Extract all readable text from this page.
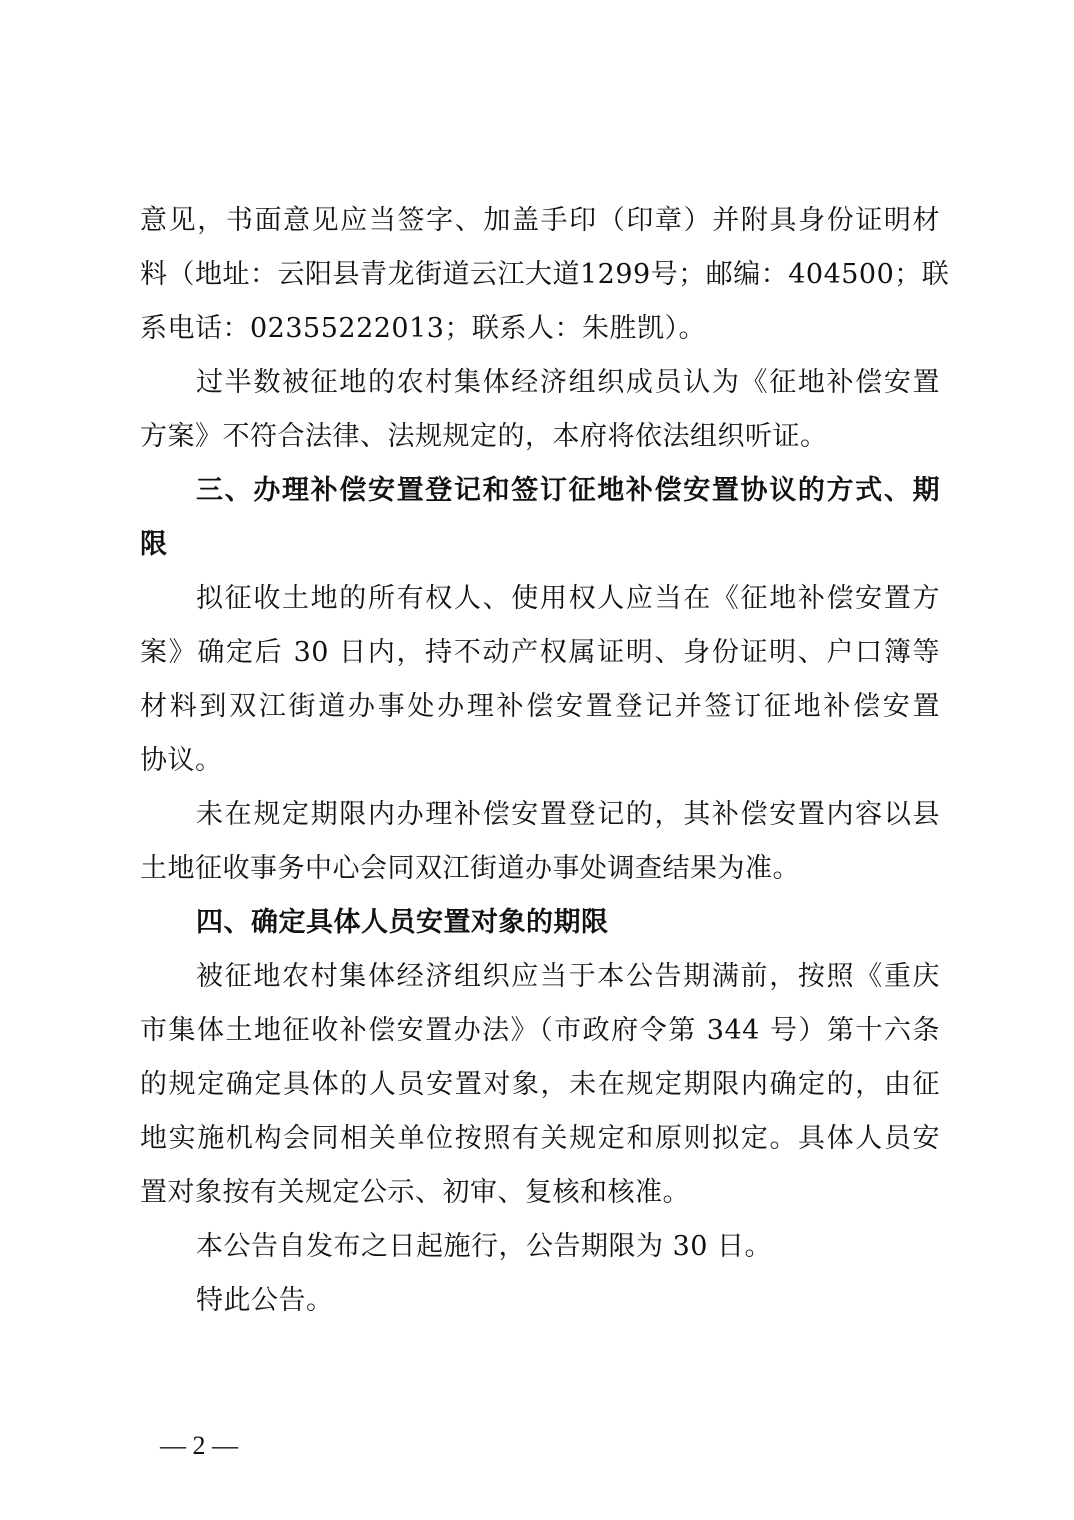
意见，书面意见应当签字、加盖手印（印章）并附具身份证明材
料（地址：云阳县青龙街道云江大道1299号；邮编：404500；联
系电话：02355222013；联系人：朱胜凯）。
过半数被征地的农村集体经济组织成员认为《征地补偿安置
方案》不符合法律、法规规定的，本府将依法组织听证。
三、办理补偿安置登记和签订征地补偿安置协议的方式、期
限
拟征收土地的所有权人、使用权人应当在《征地补偿安置方
案》确定后 30 日内，持不动产权属证明、身份证明、户口簿等
材料到双江街道办事处办理补偿安置登记并签订征地补偿安置
协议。
未在规定期限内办理补偿安置登记的，其补偿安置内容以县
土地征收事务中心会同双江街道办事处调查结果为准。
四、确定具体人员安置对象的期限
被征地农村集体经济组织应当于本公告期满前，按照《重庆
市集体土地征收补偿安置办法》（市政府令第 344 号）第十六条
的规定确定具体的人员安置对象，未在规定期限内确定的，由征
地实施机构会同相关单位按照有关规定和原则拟定。具体人员安
置对象按有关规定公示、初审、复核和核准。
本公告自发布之日起施行，公告期限为 30 日。
特此公告。
— 2 —
